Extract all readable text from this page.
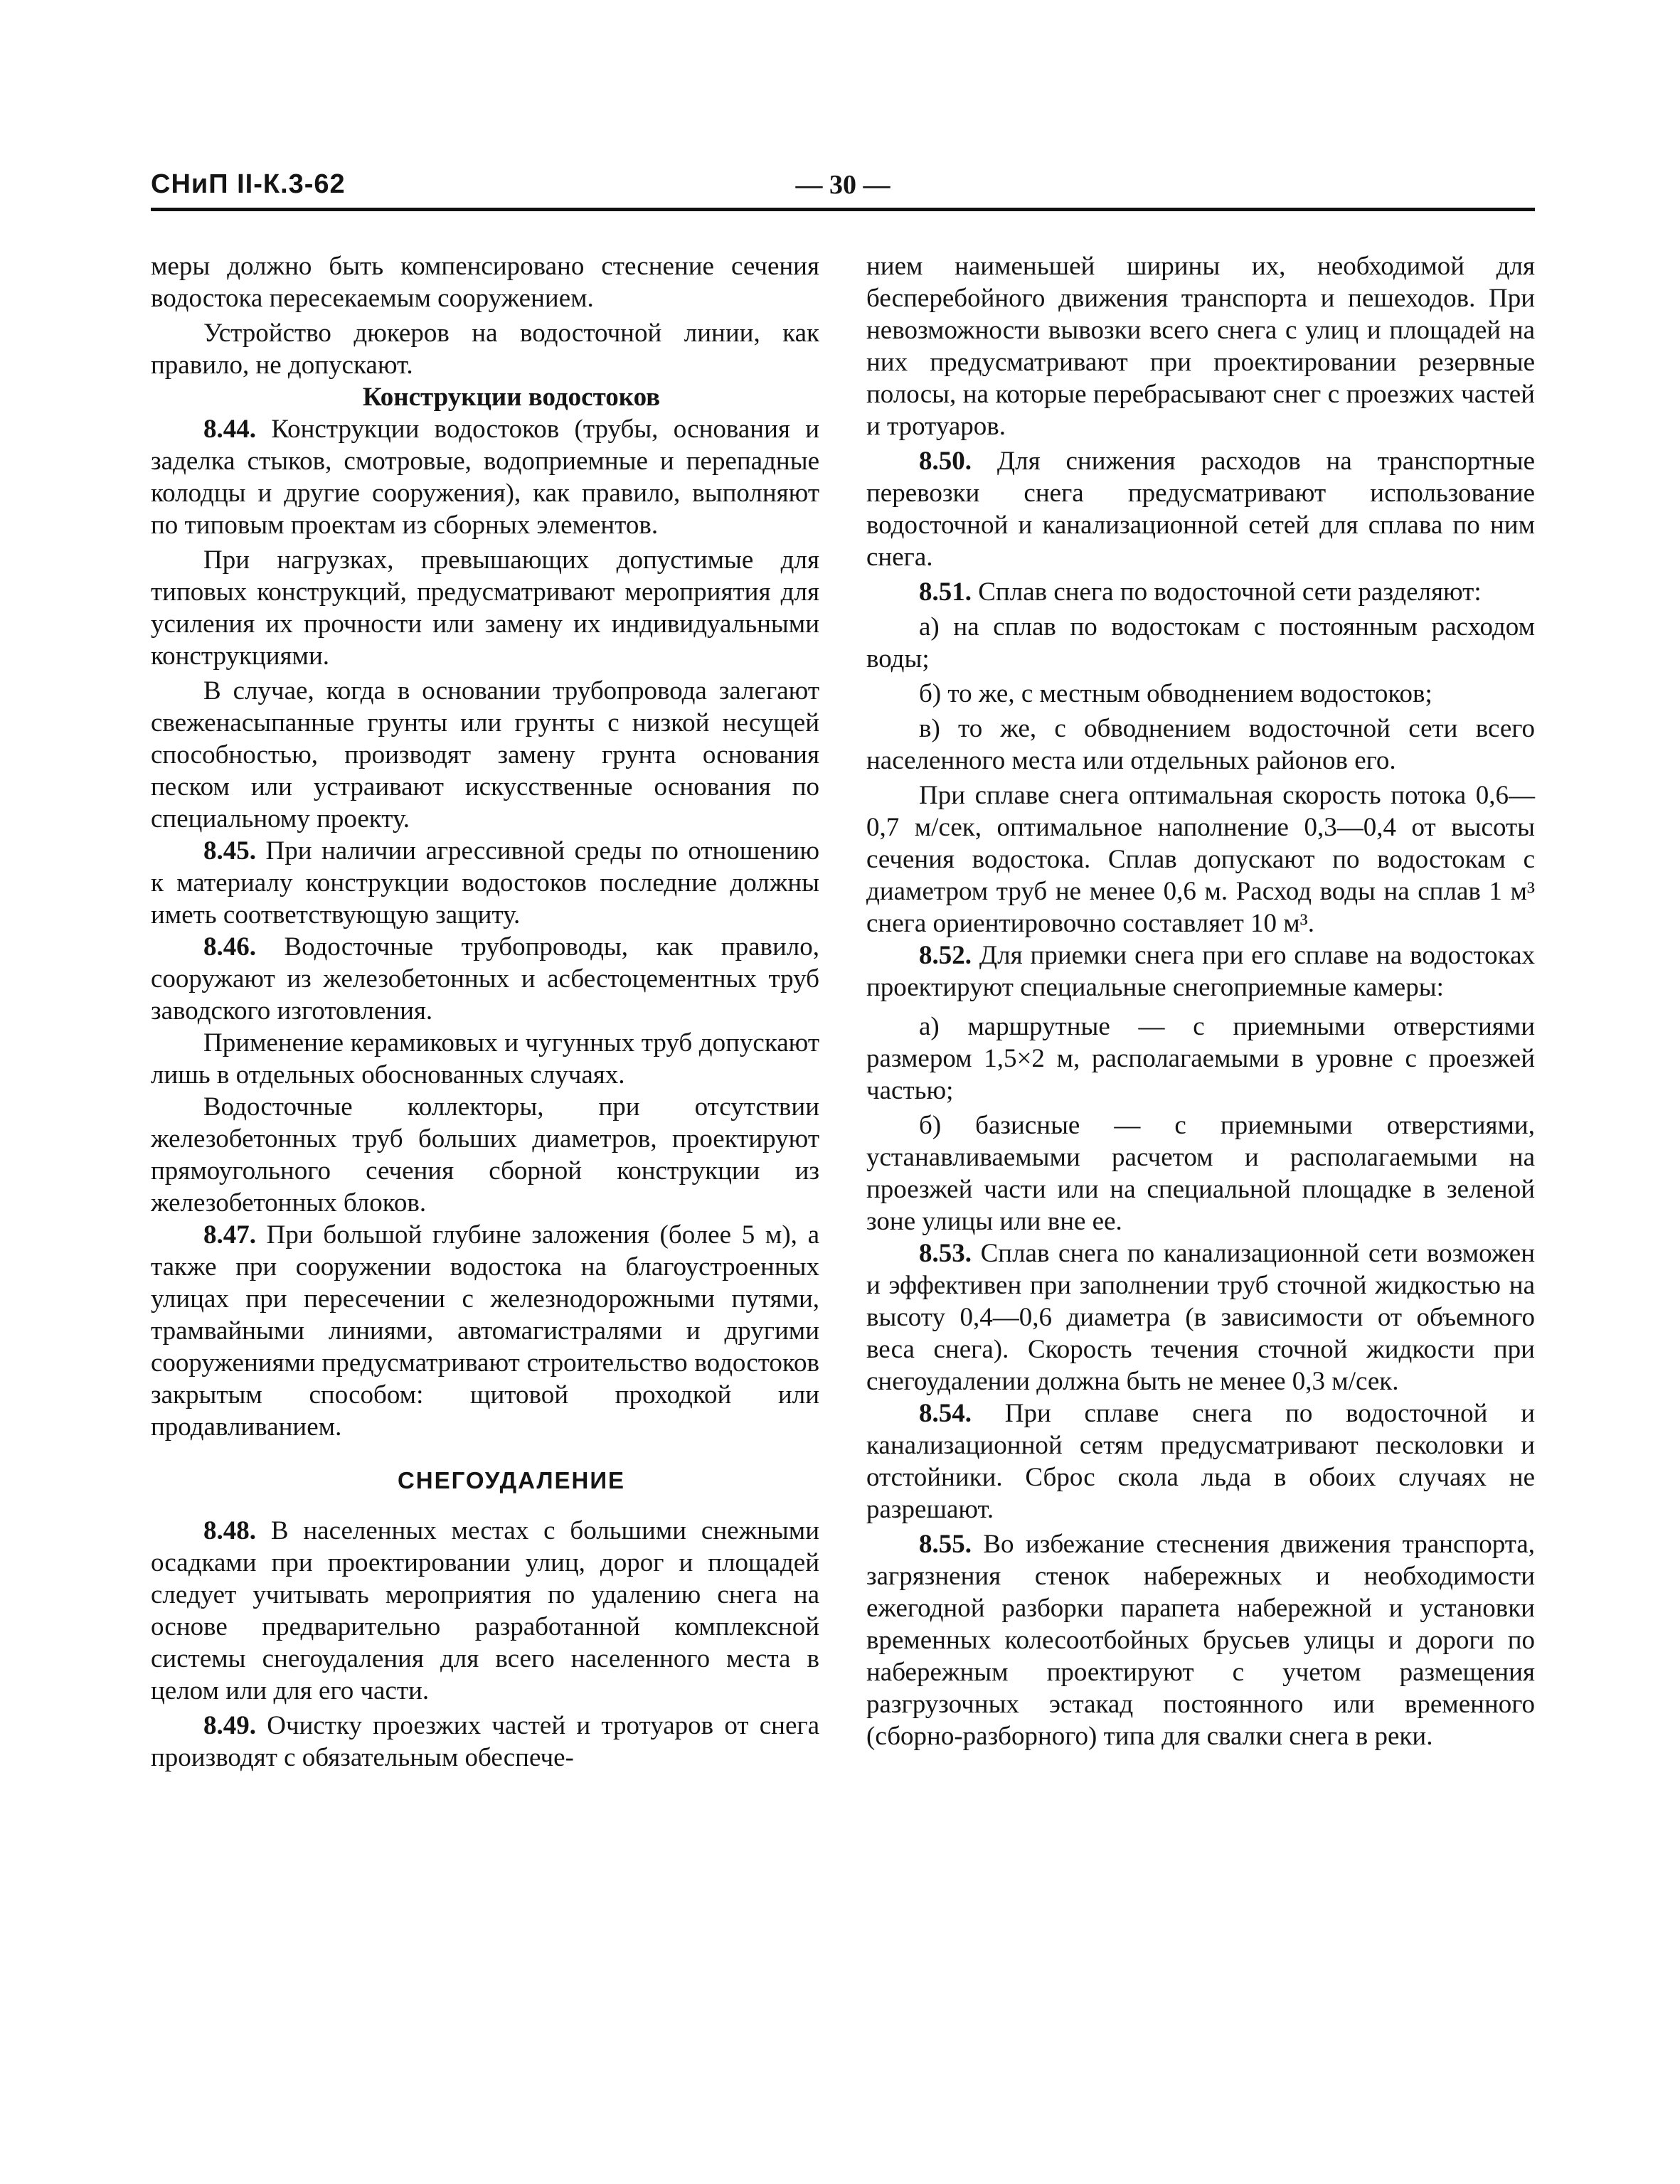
СНиП II-К.3-62	— 30 —

меры должно быть компенсировано стеснение сечения водостока пересекаемым сооружением.

Устройство дюкеров на водосточной линии, как правило, не допускают.

Конструкции водостоков

8.44. Конструкции водостоков (трубы, основания и заделка стыков, смотровые, водоприемные и перепадные колодцы и другие сооружения), как правило, выполняют по типовым проектам из сборных элементов.

При нагрузках, превышающих допустимые для типовых конструкций, предусматривают мероприятия для усиления их прочности или замену их индивидуальными конструкциями.

В случае, когда в основании трубопровода залегают свеженасыпанные грунты или грунты с низкой несущей способностью, производят замену грунта основания песком или устраивают искусственные основания по специальному проекту.

8.45. При наличии агрессивной среды по отношению к материалу конструкции водостоков последние должны иметь соответствующую защиту.

8.46. Водосточные трубопроводы, как правило, сооружают из железобетонных и асбестоцементных труб заводского изготовления.

Применение керамиковых и чугунных труб допускают лишь в отдельных обоснованных случаях.

Водосточные коллекторы, при отсутствии железобетонных труб больших диаметров, проектируют прямоугольного сечения сборной конструкции из железобетонных блоков.

8.47. При большой глубине заложения (более 5 м), а также при сооружении водостока на благоустроенных улицах при пересечении с железнодорожными путями, трамвайными линиями, автомагистралями и другими сооружениями предусматривают строительство водостоков закрытым способом: щитовой проходкой или продавливанием.

СНЕГОУДАЛЕНИЕ

8.48. В населенных местах с большими снежными осадками при проектировании улиц, дорог и площадей следует учитывать мероприятия по удалению снега на основе предварительно разработанной комплексной системы снегоудаления для всего населенного места в целом или для его части.

8.49. Очистку проезжих частей и тротуаров от снега производят с обязательным обеспече-

нием наименьшей ширины их, необходимой для бесперебойного движения транспорта и пешеходов. При невозможности вывозки всего снега с улиц и площадей на них предусматривают при проектировании резервные полосы, на которые перебрасывают снег с проезжих частей и тротуаров.

8.50. Для снижения расходов на транспортные перевозки снега предусматривают использование водосточной и канализационной сетей для сплава по ним снега.

8.51. Сплав снега по водосточной сети разделяют:

а) на сплав по водостокам с постоянным расходом воды;

б) то же, с местным обводнением водостоков;

в) то же, с обводнением водосточной сети всего населенного места или отдельных районов его.

При сплаве снега оптимальная скорость потока 0,6—0,7 м/сек, оптимальное наполнение 0,3—0,4 от высоты сечения водостока. Сплав допускают по водостокам с диаметром труб не менее 0,6 м. Расход воды на сплав 1 м³ снега ориентировочно составляет 10 м³.

8.52. Для приемки снега при его сплаве на водостоках проектируют специальные снегоприемные камеры:

а) маршрутные — с приемными отверстиями размером 1,5×2 м, располагаемыми в уровне с проезжей частью;

б) базисные — с приемными отверстиями, устанавливаемыми расчетом и располагаемыми на проезжей части или на специальной площадке в зеленой зоне улицы или вне ее.

8.53. Сплав снега по канализационной сети возможен и эффективен при заполнении труб сточной жидкостью на высоту 0,4—0,6 диаметра (в зависимости от объемного веса снега). Скорость течения сточной жидкости при снегоудалении должна быть не менее 0,3 м/сек.

8.54. При сплаве снега по водосточной и канализационной сетям предусматривают песколовки и отстойники. Сброс скола льда в обоих случаях не разрешают.

8.55. Во избежание стеснения движения транспорта, загрязнения стенок набережных и необходимости ежегодной разборки парапета набережной и установки временных колесоотбойных брусьев улицы и дороги по набережным проектируют с учетом размещения разгрузочных эстакад постоянного или временного (сборно-разборного) типа для свалки снега в реки.
